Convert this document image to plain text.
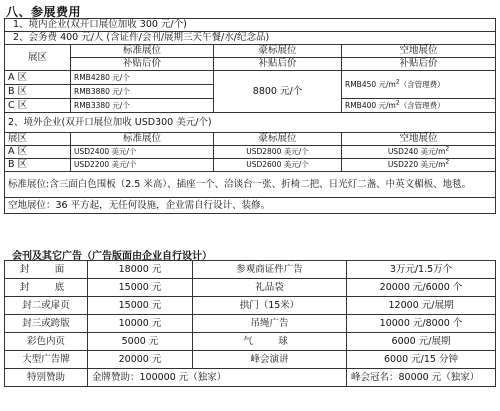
八、参展费用
1、境内企业(双开口展位加收 300 元/个)			
2、会务费 400 元/人 (含证件/会刊/展期三天午餐/水/纪念品)			
展区	标准展位	豪标展位	空地展位
	补贴后价	补贴后价	补贴后价
A 区	RMB4280 元/个	8800 元/个	RMB450 元$/m^2$（含管理费）
B 区	RMB3880 元/个		
C 区	RMB3380 元/个		RMB400 元$/m^2$（含管理费）
2、境外企业(双开口展位加收 USD300 美元/个)			
展区	标准展位	豪标展位	空地展位
A 区	USD2400 美元/个	USD2800 美元/个	USD240 美元$/m^2$
B 区	USD2200 美元/个	USD2600 美元/个	USD220 美元$/m^2$
标准展位:含三面白色围板（2.5 米高）、插座一个、洽谈台一张、折椅二把、日光灯二盏、中英文楣板、地毯。			
空地展位：36 平方起，无任何设施，企业需自行设计、装修。			
会刊及其它广告（广告版面由企业自行设计）
封　面	18000 元	参观商证件广告	3万元/1.5万个
封　底	15000 元	礼品袋	20000 元/6000 个
封二或扉页	15000 元	拱门（15米）	12000 元/展期
封三或跨版	10000 元	吊绳广告	10000 元/8000 个
彩色内页	5000 元	气　球	6000 元/展期
大型广告牌	20000 元	峰会演讲	6000 元/15 分钟
特别赞助	金牌赞助：100000 元（独家）		峰会冠名：80000 元（独家）
